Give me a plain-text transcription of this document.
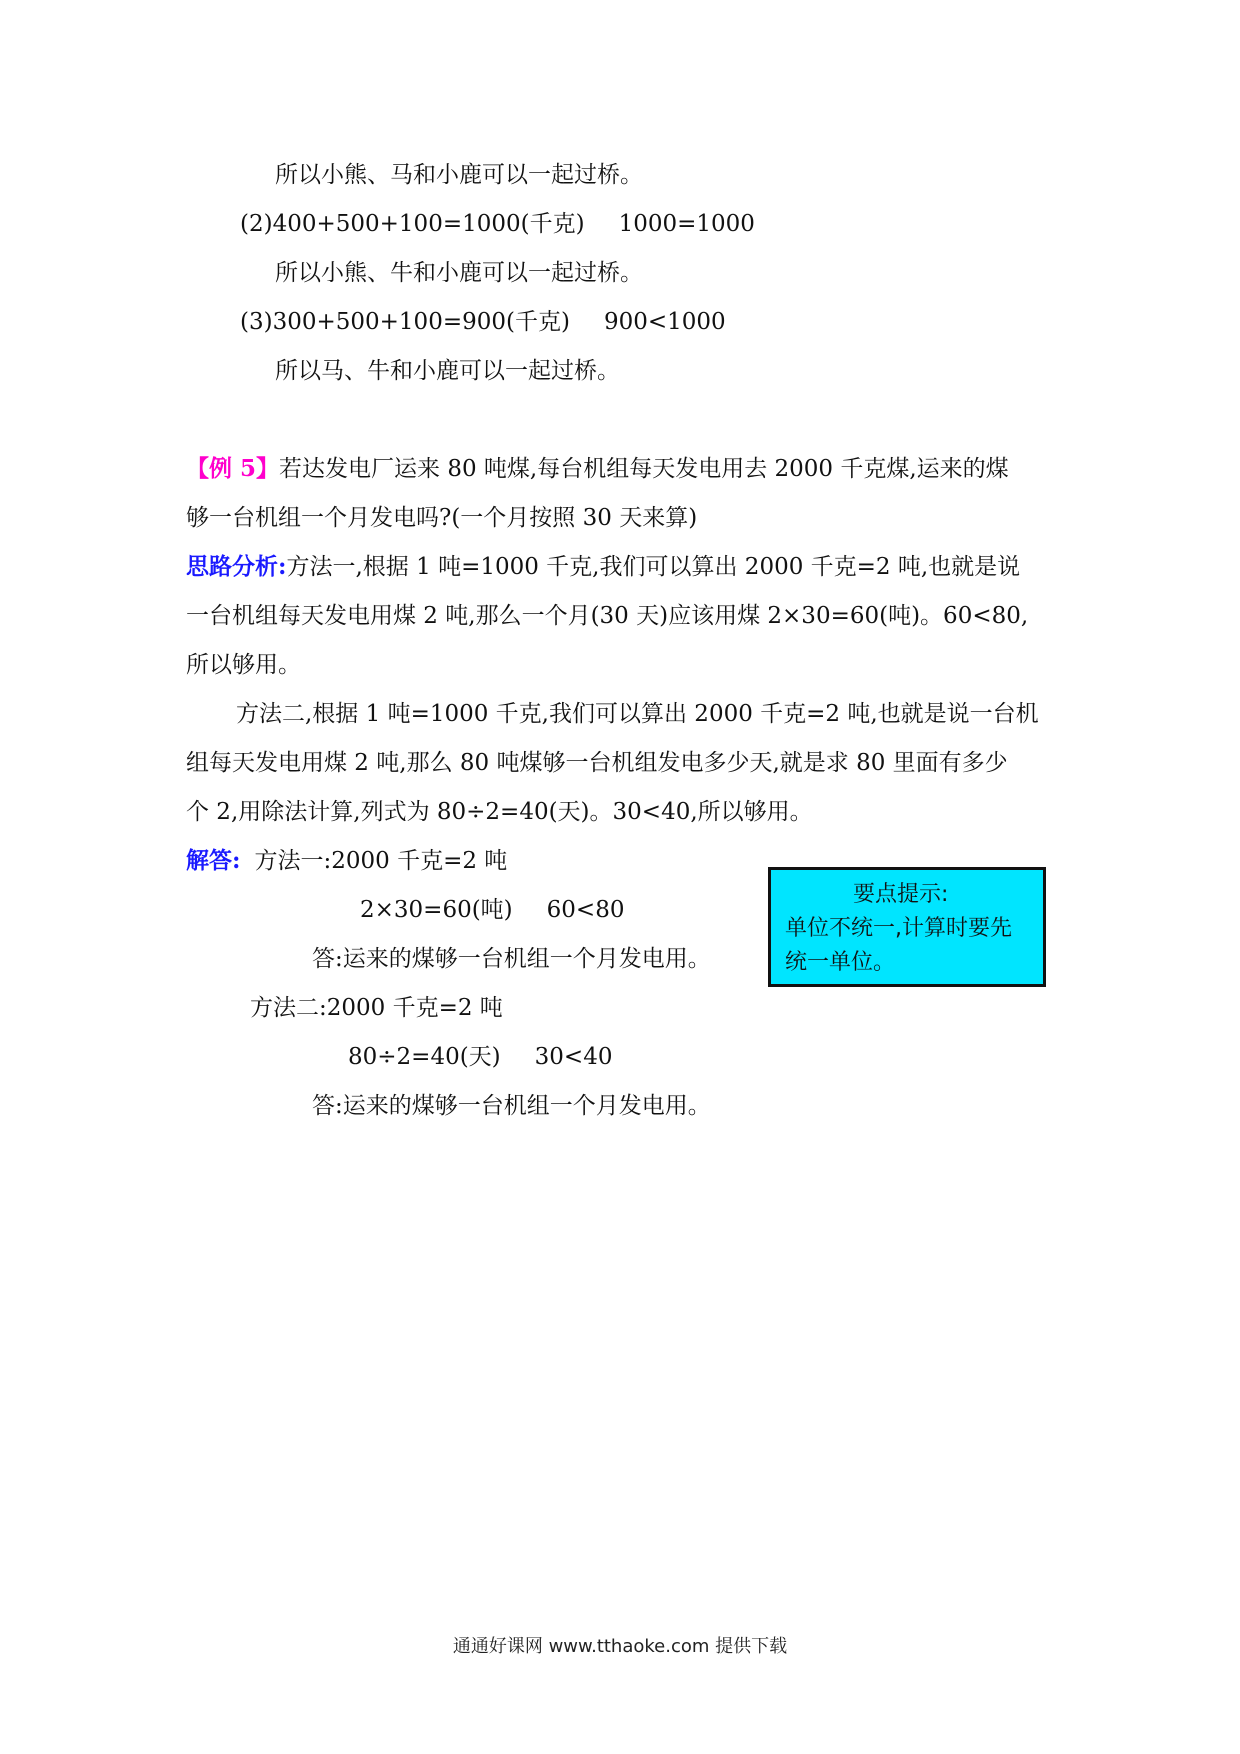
所以小熊、马和小鹿可以一起过桥。
(2)400+500+100=1000(千克) 1000=1000
所以小熊、牛和小鹿可以一起过桥。
(3)300+500+100=900(千克) 900<1000
所以马、牛和小鹿可以一起过桥。
【例 5】若达发电厂运来 80 吨煤,每台机组每天发电用去 2000 千克煤,运来的煤
够一台机组一个月发电吗?(一个月按照 30 天来算)
思路分析:方法一,根据 1 吨=1000 千克,我们可以算出 2000 千克=2 吨,也就是说
一台机组每天发电用煤 2 吨,那么一个月(30 天)应该用煤 2×30=60(吨)。60<80,
所以够用。
方法二,根据 1 吨=1000 千克,我们可以算出 2000 千克=2 吨,也就是说一台机
组每天发电用煤 2 吨,那么 80 吨煤够一台机组发电多少天,就是求 80 里面有多少
个 2,用除法计算,列式为 80÷2=40(天)。30<40,所以够用。
解答: 方法一:2000 千克=2 吨
2×30=60(吨) 60<80
答:运来的煤够一台机组一个月发电用。
方法二:2000 千克=2 吨
80÷2=40(天) 30<40
答:运来的煤够一台机组一个月发电用。
要点提示:
单位不统一,计算时要先
统一单位。
通通好课网 www.tthaoke.com 提供下载
